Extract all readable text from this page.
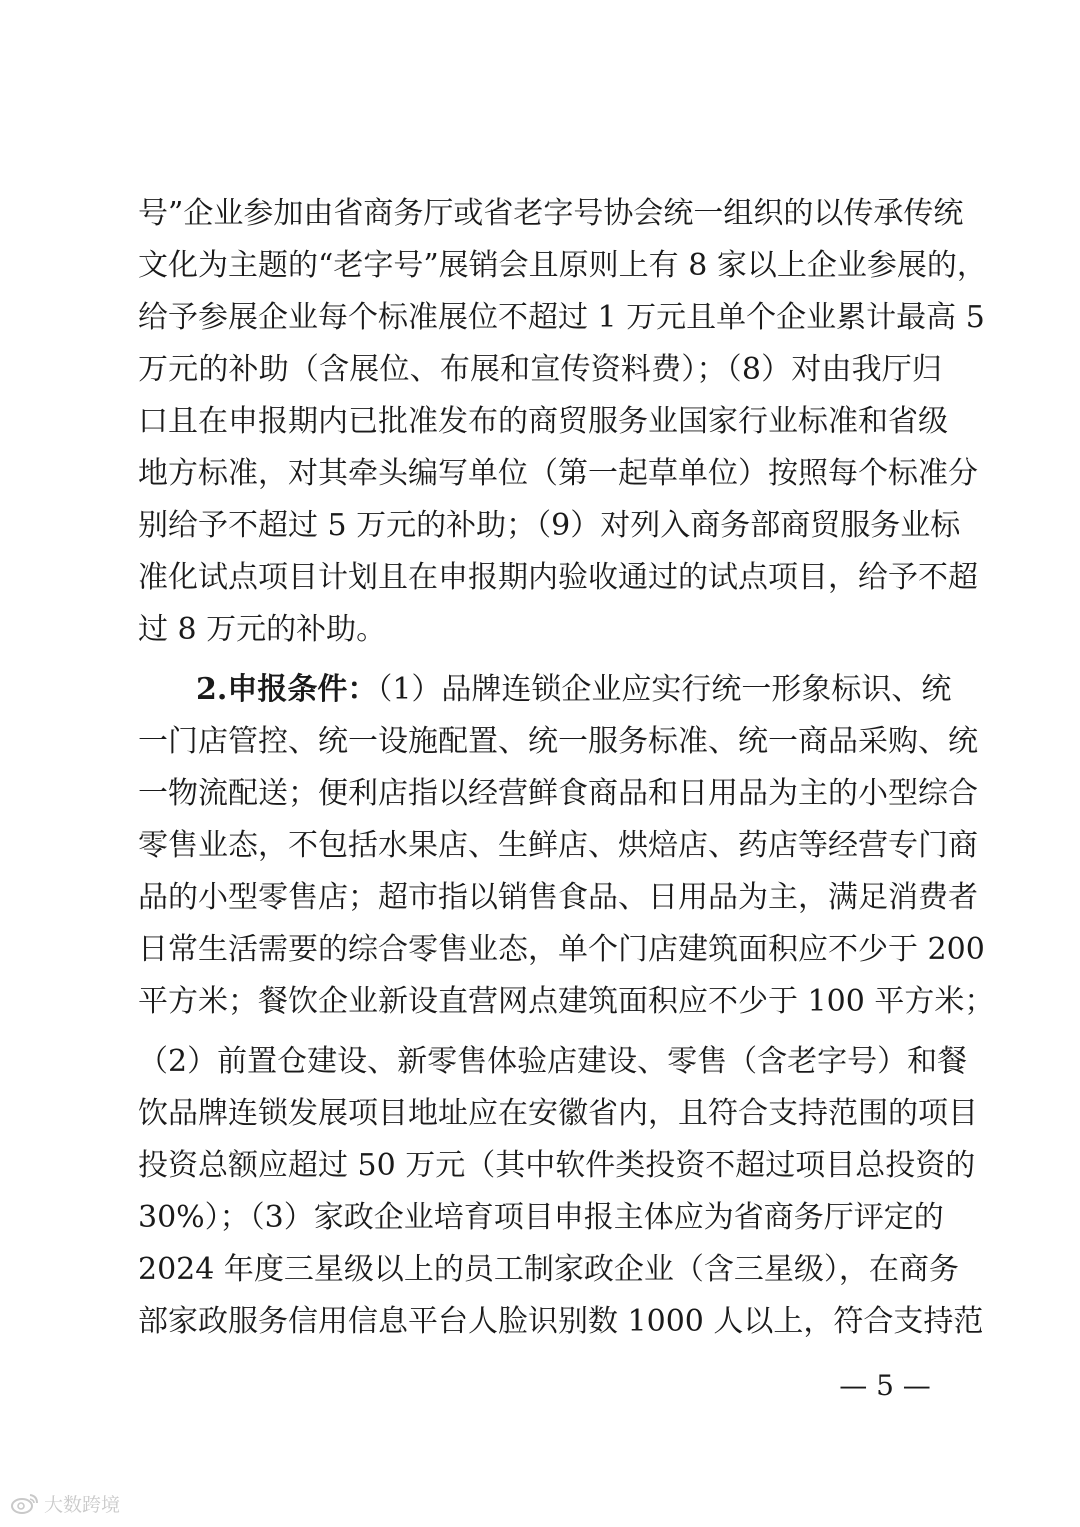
号”企业参加由省商务厅或省老字号协会统一组织的以传承传统
文化为主题的“老字号”展销会且原则上有 8 家以上企业参展的，
给予参展企业每个标准展位不超过 1 万元且单个企业累计最高 5
万元的补助（含展位、布展和宣传资料费）；（8）对由我厅归
口且在申报期内已批准发布的商贸服务业国家行业标准和省级
地方标准，对其牵头编写单位（第一起草单位）按照每个标准分
别给予不超过 5 万元的补助；（9）对列入商务部商贸服务业标
准化试点项目计划且在申报期内验收通过的试点项目，给予不超
过 8 万元的补助。
2.申报条件：（1）品牌连锁企业应实行统一形象标识、统
一门店管控、统一设施配置、统一服务标准、统一商品采购、统
一物流配送；便利店指以经营鲜食商品和日用品为主的小型综合
零售业态，不包括水果店、生鲜店、烘焙店、药店等经营专门商
品的小型零售店；超市指以销售食品、日用品为主，满足消费者
日常生活需要的综合零售业态，单个门店建筑面积应不少于 200
平方米；餐饮企业新设直营网点建筑面积应不少于 100 平方米；
（2）前置仓建设、新零售体验店建设、零售（含老字号）和餐
饮品牌连锁发展项目地址应在安徽省内，且符合支持范围的项目
投资总额应超过 50 万元（其中软件类投资不超过项目总投资的
30%）；（3）家政企业培育项目申报主体应为省商务厅评定的
2024 年度三星级以上的员工制家政企业（含三星级），在商务
部家政服务信用信息平台人脸识别数 1000 人以上，符合支持范
— 5 —
大数跨境
